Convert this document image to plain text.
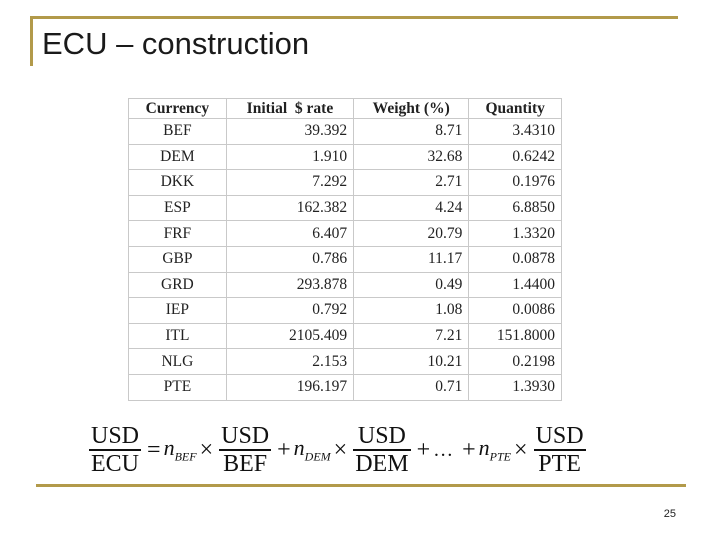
ECU – construction
Currency	Initial  $ rate	Weight (%)	Quantity
BEF	39.392	8.71	3.4310
DEM	1.910	32.68	0.6242
DKK	7.292	2.71	0.1976
ESP	162.382	4.24	6.8850
FRF	6.407	20.79	1.3320
GBP	0.786	11.17	0.0878
GRD	293.878	0.49	1.4400
IEP	0.792	1.08	0.0086
ITL	2105.409	7.21	151.8000
NLG	2.153	10.21	0.2198
PTE	196.197	0.71	1.3930
$\frac{\text{USD}}{\text{ECU}} = n_{BEF} \times \frac{\text{USD}}{\text{BEF}} + n_{DEM} \times \frac{\text{USD}}{\text{DEM}}$ + … + $n_{PTE} \times \frac{\text{USD}}{\text{PTE}}$
25
